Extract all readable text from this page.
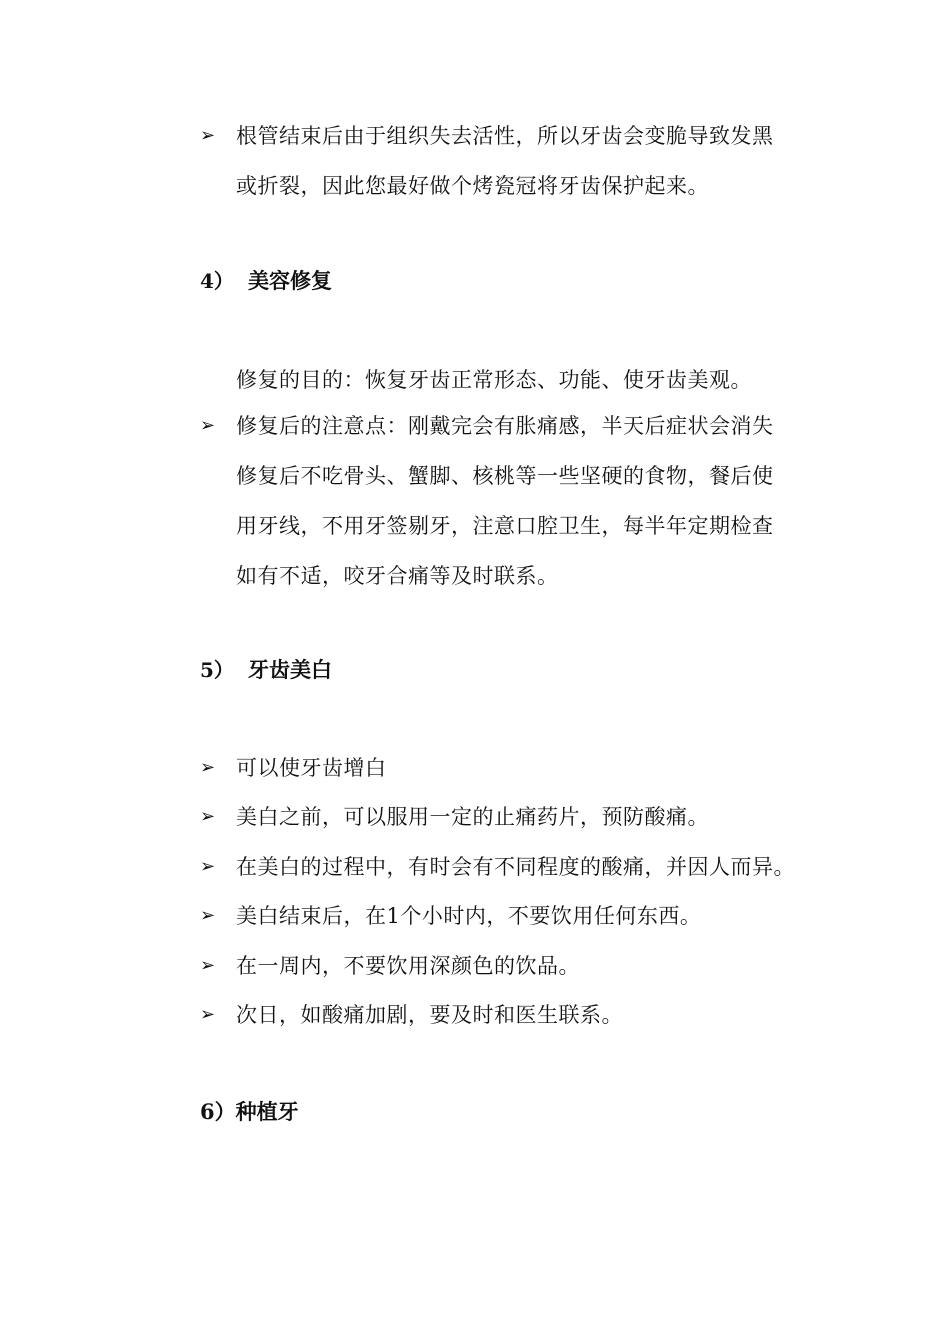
➢ 根管结束后由于组织失去活性，所以牙齿会变脆导致发黑
或折裂，因此您最好做个烤瓷冠将牙齿保护起来。
4） 美容修复
修复的目的：恢复牙齿正常形态、功能、使牙齿美观。
➢ 修复后的注意点：刚戴完会有胀痛感，半天后症状会消失
修复后不吃骨头、蟹脚、核桃等一些坚硬的食物，餐后使
用牙线，不用牙签剔牙，注意口腔卫生，每半年定期检查
如有不适，咬牙合痛等及时联系。
5） 牙齿美白
➢ 可以使牙齿增白
➢ 美白之前，可以服用一定的止痛药片，预防酸痛。
➢ 在美白的过程中，有时会有不同程度的酸痛，并因人而异。
➢ 美白结束后，在1个小时内，不要饮用任何东西。
➢ 在一周内，不要饮用深颜色的饮品。
➢ 次日，如酸痛加剧，要及时和医生联系。
6）种植牙
